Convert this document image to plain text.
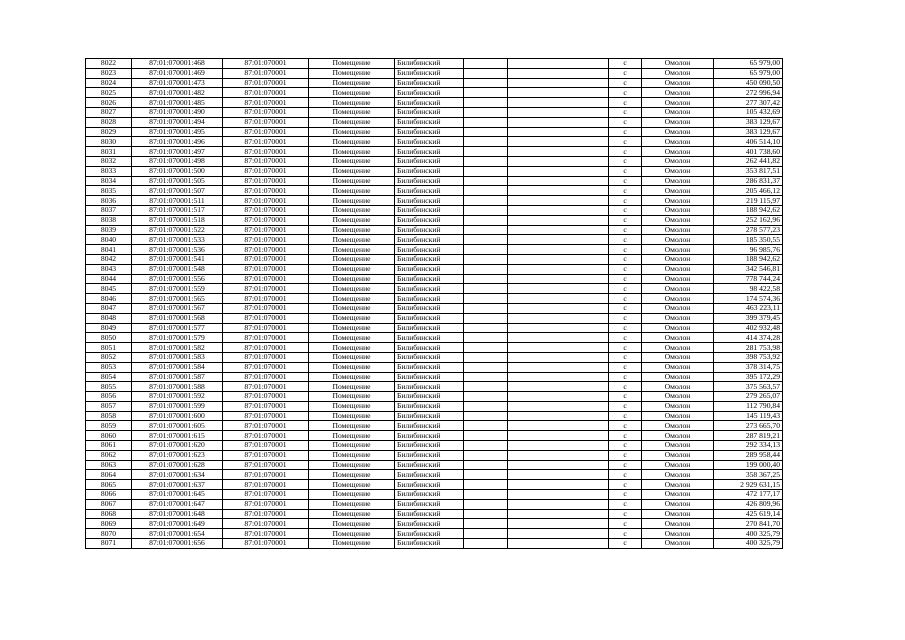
8022	87:01:070001:468	87:01:070001	Помещение	Билибинский			с	Омолон	65 979,00
8023	87:01:070001:469	87:01:070001	Помещение	Билибинский			с	Омолон	65 979,00
8024	87:01:070001:473	87:01:070001	Помещение	Билибинский			с	Омолон	450 090,50
8025	87:01:070001:482	87:01:070001	Помещение	Билибинский			с	Омолон	272 996,94
8026	87:01:070001:485	87:01:070001	Помещение	Билибинский			с	Омолон	277 307,42
8027	87:01:070001:490	87:01:070001	Помещение	Билибинский			с	Омолон	105 432,69
8028	87:01:070001:494	87:01:070001	Помещение	Билибинский			с	Омолон	383 129,67
8029	87:01:070001:495	87:01:070001	Помещение	Билибинский			с	Омолон	383 129,67
8030	87:01:070001:496	87:01:070001	Помещение	Билибинский			с	Омолон	406 514,10
8031	87:01:070001:497	87:01:070001	Помещение	Билибинский			с	Омолон	401 738,60
8032	87:01:070001:498	87:01:070001	Помещение	Билибинский			с	Омолон	262 441,82
8033	87:01:070001:500	87:01:070001	Помещение	Билибинский			с	Омолон	353 817,51
8034	87:01:070001:505	87:01:070001	Помещение	Билибинский			с	Омолон	286 831,37
8035	87:01:070001:507	87:01:070001	Помещение	Билибинский			с	Омолон	205 466,12
8036	87:01:070001:511	87:01:070001	Помещение	Билибинский			с	Омолон	219 115,97
8037	87:01:070001:517	87:01:070001	Помещение	Билибинский			с	Омолон	188 942,62
8038	87:01:070001:518	87:01:070001	Помещение	Билибинский			с	Омолон	252 162,96
8039	87:01:070001:522	87:01:070001	Помещение	Билибинский			с	Омолон	278 577,23
8040	87:01:070001:533	87:01:070001	Помещение	Билибинский			с	Омолон	185 350,55
8041	87:01:070001:536	87:01:070001	Помещение	Билибинский			с	Омолон	96 985,76
8042	87:01:070001:541	87:01:070001	Помещение	Билибинский			с	Омолон	188 942,62
8043	87:01:070001:548	87:01:070001	Помещение	Билибинский			с	Омолон	342 546,81
8044	87:01:070001:556	87:01:070001	Помещение	Билибинский			с	Омолон	778 744,24
8045	87:01:070001:559	87:01:070001	Помещение	Билибинский			с	Омолон	98 422,58
8046	87:01:070001:565	87:01:070001	Помещение	Билибинский			с	Омолон	174 574,36
8047	87:01:070001:567	87:01:070001	Помещение	Билибинский			с	Омолон	463 223,11
8048	87:01:070001:568	87:01:070001	Помещение	Билибинский			с	Омолон	399 379,45
8049	87:01:070001:577	87:01:070001	Помещение	Билибинский			с	Омолон	402 932,48
8050	87:01:070001:579	87:01:070001	Помещение	Билибинский			с	Омолон	414 374,28
8051	87:01:070001:582	87:01:070001	Помещение	Билибинский			с	Омолон	281 753,98
8052	87:01:070001:583	87:01:070001	Помещение	Билибинский			с	Омолон	398 753,92
8053	87:01:070001:584	87:01:070001	Помещение	Билибинский			с	Омолон	378 314,75
8054	87:01:070001:587	87:01:070001	Помещение	Билибинский			с	Омолон	395 172,29
8055	87:01:070001:588	87:01:070001	Помещение	Билибинский			с	Омолон	375 563,57
8056	87:01:070001:592	87:01:070001	Помещение	Билибинский			с	Омолон	279 265,07
8057	87:01:070001:599	87:01:070001	Помещение	Билибинский			с	Омолон	112 790,84
8058	87:01:070001:600	87:01:070001	Помещение	Билибинский			с	Омолон	145 119,43
8059	87:01:070001:605	87:01:070001	Помещение	Билибинский			с	Омолон	273 665,70
8060	87:01:070001:615	87:01:070001	Помещение	Билибинский			с	Омолон	287 819,21
8061	87:01:070001:620	87:01:070001	Помещение	Билибинский			с	Омолон	292 334,13
8062	87:01:070001:623	87:01:070001	Помещение	Билибинский			с	Омолон	289 958,44
8063	87:01:070001:628	87:01:070001	Помещение	Билибинский			с	Омолон	199 000,40
8064	87:01:070001:634	87:01:070001	Помещение	Билибинский			с	Омолон	358 367,25
8065	87:01:070001:637	87:01:070001	Помещение	Билибинский			с	Омолон	2 929 631,15
8066	87:01:070001:645	87:01:070001	Помещение	Билибинский			с	Омолон	472 177,17
8067	87:01:070001:647	87:01:070001	Помещение	Билибинский			с	Омолон	426 809,96
8068	87:01:070001:648	87:01:070001	Помещение	Билибинский			с	Омолон	425 619,14
8069	87:01:070001:649	87:01:070001	Помещение	Билибинский			с	Омолон	270 841,70
8070	87:01:070001:654	87:01:070001	Помещение	Билибинский			с	Омолон	400 325,79
8071	87:01:070001:656	87:01:070001	Помещение	Билибинский			с	Омолон	400 325,79
